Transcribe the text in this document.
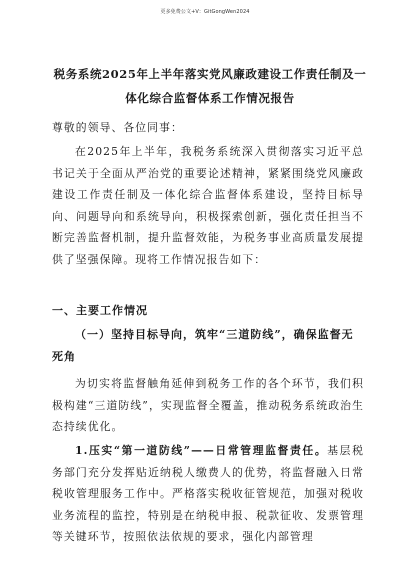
更多免费公文+V：GitGongWen2024
税务系统2025年上半年落实党风廉政建设工作责任制及一
体化综合监督体系工作情况报告
尊敬的领导、各位同事：
在2025年上半年，我税务系统深入贯彻落实习近平总书记关于全面从严治党的重要论述精神，紧紧围绕党风廉政建设工作责任制及一体化综合监督体系建设，坚持目标导向、问题导向和系统导向，积极探索创新，强化责任担当不断完善监督机制，提升监督效能，为税务事业高质量发展提供了坚强保障。现将工作情况报告如下：
一、主要工作情况
（一）坚持目标导向，筑牢“三道防线”，确保监督无死角
为切实将监督触角延伸到税务工作的各个环节，我们积极构建“三道防线”，实现监督全覆盖，推动税务系统政治生态持续优化。
1.压实“第一道防线”——日常管理监督责任。基层税务部门充分发挥贴近纳税人缴费人的优势，将监督融入日常税收管理服务工作中。严格落实税收征管规范，加强对税收业务流程的监控，特别是在纳税申报、税款征收、发票管理等关键环节，按照依法依规的要求，强化内部管理
